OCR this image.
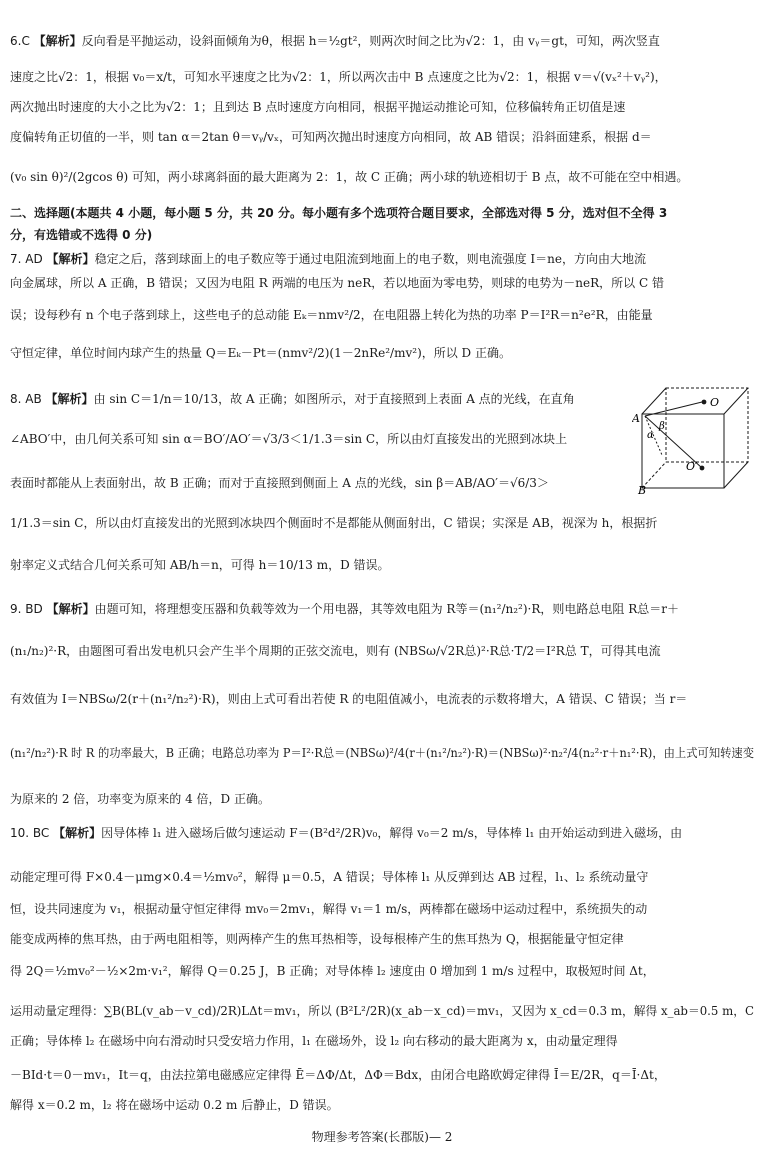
6.C 【解析】反向看是平抛运动，设斜面倾角为θ，根据 h＝½gt²，则两次时间之比为√2：1，由 vᵧ＝gt，可知，两次竖直
速度之比√2：1，根据 v₀＝x/t，可知水平速度之比为√2：1，所以两次击中 B 点速度之比为√2：1，根据 v＝√(vₓ²＋vᵧ²)，
两次抛出时速度的大小之比为√2：1；且到达 B 点时速度方向相同，根据平抛运动推论可知，位移偏转角正切值是速
度偏转角正切值的一半，则 tan α＝2tan θ＝vᵧ/vₓ，可知两次抛出时速度方向相同，故 AB 错误；沿斜面建系，根据 d＝
(v₀ sin θ)²/(2gcos θ) 可知，两小球离斜面的最大距离为 2：1，故 C 正确；两小球的轨迹相切于 B 点，故不可能在空中相遇。
二、选择题(本题共 4 小题，每小题 5 分，共 20 分。每小题有多个选项符合题目要求，全部选对得 5 分，选对但不全得 3
分，有选错或不选得 0 分)
7. AD 【解析】稳定之后，落到球面上的电子数应等于通过电阻流到地面上的电子数，则电流强度 I＝ne，方向由大地流
向金属球，所以 A 正确，B 错误；又因为电阻 R 两端的电压为 neR，若以地面为零电势，则球的电势为－neR，所以 C 错
误；设每秒有 n 个电子落到球上，这些电子的总动能 Eₖ＝nmv²/2，在电阻器上转化为热的功率 P＝I²R＝n²e²R，由能量
守恒定律，单位时间内球产生的热量 Q＝Eₖ－Pt＝(nmv²/2)(1－2nRe²/mv²)，所以 D 正确。
8. AB 【解析】由 sin C＝1/n＝10/13，故 A 正确；如图所示，对于直接照到上表面 A 点的光线，在直角
∠ABO′中，由几何关系可知 sin α＝BO′/AO′＝√3/3＜1/1.3＝sin C，所以由灯直接发出的光照到冰块上
表面时都能从上表面射出，故 B 正确；而对于直接照到侧面上 A 点的光线，sin β＝AB/AO′＝√6/3＞
1/1.3＝sin C，所以由灯直接发出的光照到冰块四个侧面时不是都能从侧面射出，C 错误；实深是 AB，视深为 h，根据折
射率定义式结合几何关系可知 AB/h＝n，可得 h＝10/13 m，D 错误。
O
O′
A
B
β
α
9. BD 【解析】由题可知，将理想变压器和负载等效为一个用电器，其等效电阻为 R等＝(n₁²/n₂²)·R，则电路总电阻 R总＝r＋
(n₁/n₂)²·R，由题图可看出发电机只会产生半个周期的正弦交流电，则有 (NBSω/√2R总)²·R总·T/2＝I²R总 T，可得其电流
有效值为 I＝NBSω/2(r＋(n₁²/n₂²)·R)，则由上式可看出若使 R 的电阻值减小，电流表的示数将增大，A 错误、C 错误；当 r＝
(n₁²/n₂²)·R 时 R 的功率最大，B 正确；电路总功率为 P＝I²·R总＝(NBSω)²/4(r＋(n₁²/n₂²)·R)＝(NBSω)²·n₂²/4(n₂²·r＋n₁²·R)，由上式可知转速变
为原来的 2 倍，功率变为原来的 4 倍，D 正确。
10. BC 【解析】因导体棒 l₁ 进入磁场后做匀速运动 F＝(B²d²/2R)v₀，解得 v₀＝2 m/s，导体棒 l₁ 由开始运动到进入磁场，由
动能定理可得 F×0.4－μmg×0.4＝½mv₀²，解得 μ＝0.5，A 错误；导体棒 l₁ 从反弹到达 AB 过程，l₁、l₂ 系统动量守
恒，设共同速度为 v₁，根据动量守恒定律得 mv₀＝2mv₁，解得 v₁＝1 m/s，两棒都在磁场中运动过程中，系统损失的动
能变成两棒的焦耳热，由于两电阻相等，则两棒产生的焦耳热相等，设每根棒产生的焦耳热为 Q，根据能量守恒定律
得 2Q＝½mv₀²－½×2m·v₁²，解得 Q＝0.25 J，B 正确；对导体棒 l₂ 速度由 0 增加到 1 m/s 过程中，取极短时间 Δt，
运用动量定理得：∑B(BL(v_ab－v_cd)/2R)LΔt＝mv₁，所以 (B²L²/2R)(x_ab－x_cd)＝mv₁，又因为 x_cd＝0.3 m，解得 x_ab＝0.5 m，C
正确；导体棒 l₂ 在磁场中向右滑动时只受安培力作用，l₁ 在磁场外，设 l₂ 向右移动的最大距离为 x，由动量定理得
－BId·t＝0－mv₁，It＝q，由法拉第电磁感应定律得 Ē＝ΔΦ/Δt，ΔΦ＝Bdx，由闭合电路欧姆定律得 Ī＝E/2R，q＝Ī·Δt，
解得 x＝0.2 m，l₂ 将在磁场中运动 0.2 m 后静止，D 错误。
物理参考答案(长郡版)— 2
